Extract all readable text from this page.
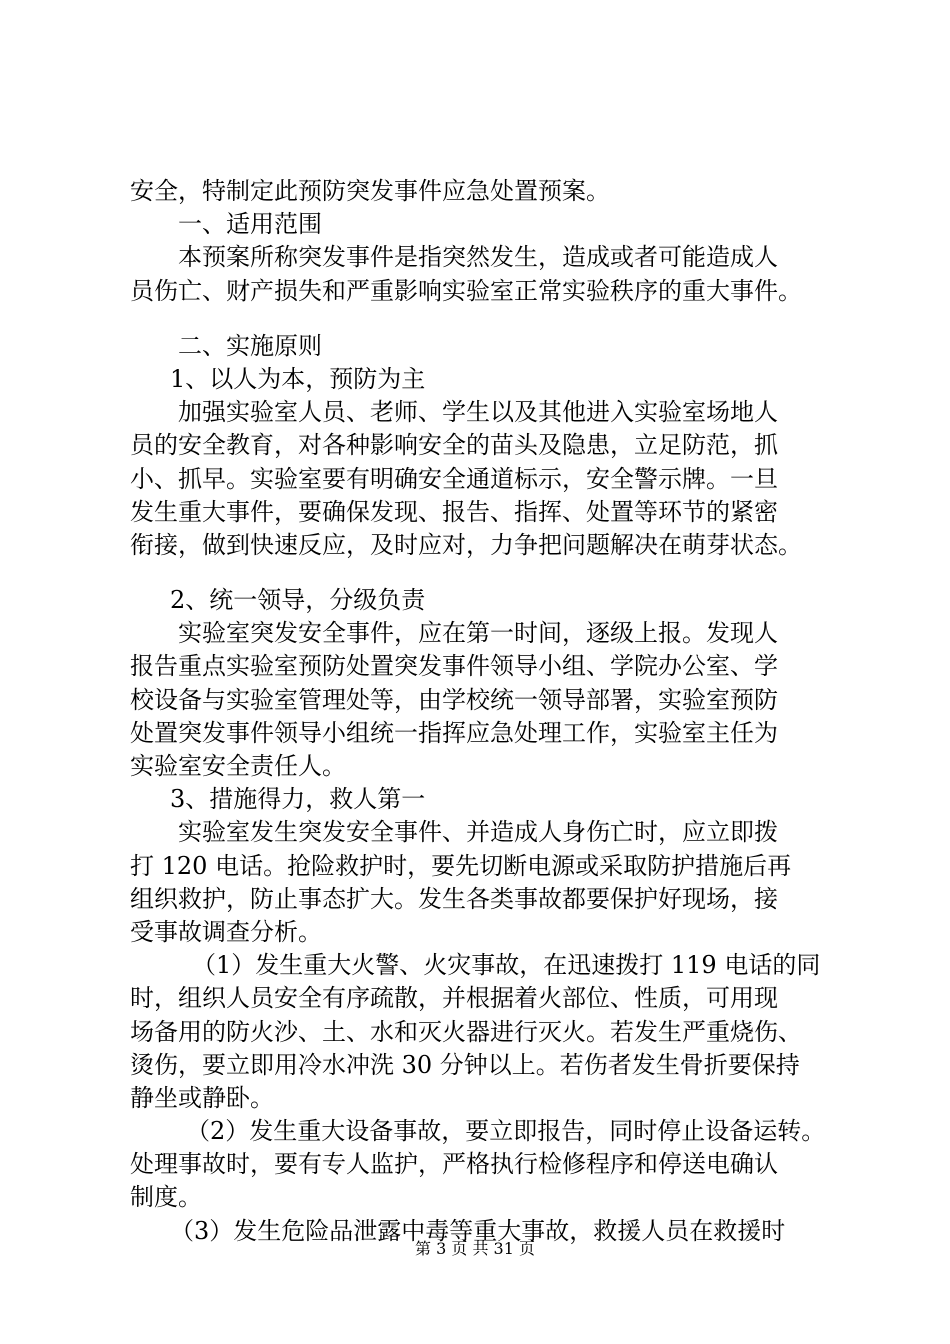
安全，特制定此预防突发事件应急处置预案。
一、适用范围
本预案所称突发事件是指突然发生，造成或者可能造成人
员伤亡、财产损失和严重影响实验室正常实验秩序的重大事件。
二、实施原则
1、以人为本，预防为主
加强实验室人员、老师、学生以及其他进入实验室场地人
员的安全教育，对各种影响安全的苗头及隐患，立足防范，抓
小、抓早。实验室要有明确安全通道标示，安全警示牌。一旦
发生重大事件，要确保发现、报告、指挥、处置等环节的紧密
衔接，做到快速反应，及时应对，力争把问题解决在萌芽状态。
2、统一领导，分级负责
实验室突发安全事件，应在第一时间，逐级上报。发现人
报告重点实验室预防处置突发事件领导小组、学院办公室、学
校设备与实验室管理处等，由学校统一领导部署，实验室预防
处置突发事件领导小组统一指挥应急处理工作，实验室主任为
实验室安全责任人。
3、措施得力，救人第一
实验室发生突发安全事件、并造成人身伤亡时，应立即拨
打 120 电话。抢险救护时，要先切断电源或采取防护措施后再
组织救护，防止事态扩大。发生各类事故都要保护好现场，接
受事故调查分析。
（1）发生重大火警、火灾事故，在迅速拨打 119 电话的同
时，组织人员安全有序疏散，并根据着火部位、性质，可用现
场备用的防火沙、土、水和灭火器进行灭火。若发生严重烧伤、
烫伤，要立即用冷水冲洗 30 分钟以上。若伤者发生骨折要保持
静坐或静卧。
（2）发生重大设备事故，要立即报告，同时停止设备运转。
处理事故时，要有专人监护，严格执行检修程序和停送电确认
制度。
（3）发生危险品泄露中毒等重大事故，救援人员在救援时
第 3 页 共 31 页
